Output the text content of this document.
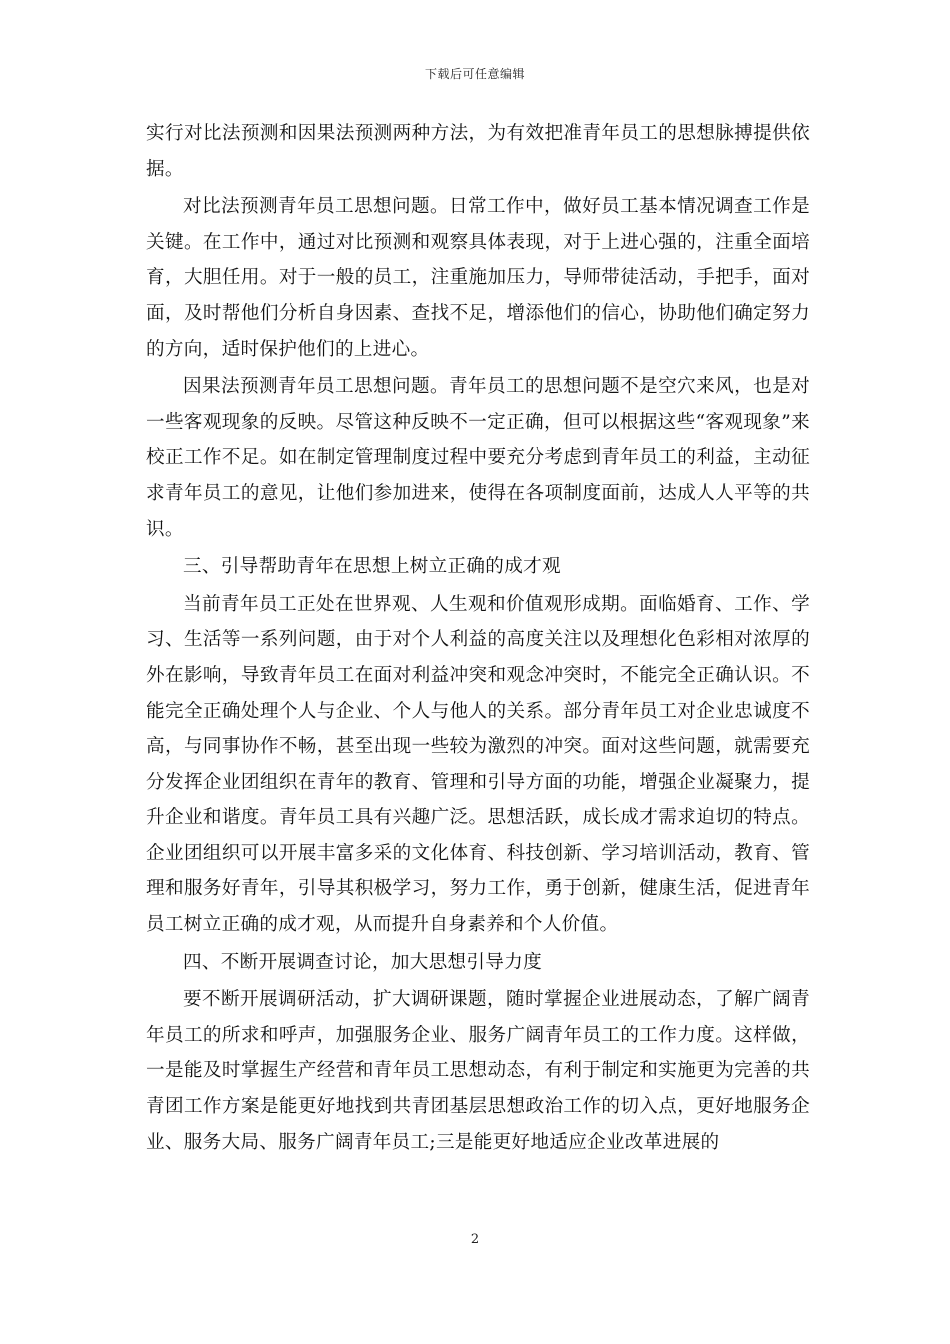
下载后可任意编辑

实行对比法预测和因果法预测两种方法，为有效把准青年员工的思想脉搏提供依据。

对比法预测青年员工思想问题。日常工作中，做好员工基本情况调查工作是关键。在工作中，通过对比预测和观察具体表现，对于上进心强的，注重全面培育，大胆任用。对于一般的员工，注重施加压力，导师带徒活动，手把手，面对面，及时帮他们分析自身因素、查找不足，增添他们的信心，协助他们确定努力的方向，适时保护他们的上进心。

因果法预测青年员工思想问题。青年员工的思想问题不是空穴来风，也是对一些客观现象的反映。尽管这种反映不一定正确，但可以根据这些“客观现象”来校正工作不足。如在制定管理制度过程中要充分考虑到青年员工的利益，主动征求青年员工的意见，让他们参加进来，使得在各项制度面前，达成人人平等的共识。

三、引导帮助青年在思想上树立正确的成才观

当前青年员工正处在世界观、人生观和价值观形成期。面临婚育、工作、学习、生活等一系列问题，由于对个人利益的高度关注以及理想化色彩相对浓厚的外在影响，导致青年员工在面对利益冲突和观念冲突时，不能完全正确认识。不能完全正确处理个人与企业、个人与他人的关系。部分青年员工对企业忠诚度不高，与同事协作不畅，甚至出现一些较为激烈的冲突。面对这些问题，就需要充分发挥企业团组织在青年的教育、管理和引导方面的功能，增强企业凝聚力，提升企业和谐度。青年员工具有兴趣广泛。思想活跃，成长成才需求迫切的特点。企业团组织可以开展丰富多采的文化体育、科技创新、学习培训活动，教育、管理和服务好青年，引导其积极学习，努力工作，勇于创新，健康生活，促进青年员工树立正确的成才观，从而提升自身素养和个人价值。

四、不断开展调查讨论，加大思想引导力度

要不断开展调研活动，扩大调研课题，随时掌握企业进展动态，了解广阔青年员工的所求和呼声，加强服务企业、服务广阔青年员工的工作力度。这样做，一是能及时掌握生产经营和青年员工思想动态，有利于制定和实施更为完善的共青团工作方案是能更好地找到共青团基层思想政治工作的切入点，更好地服务企业、服务大局、服务广阔青年员工;三是能更好地适应企业改革进展的

2
